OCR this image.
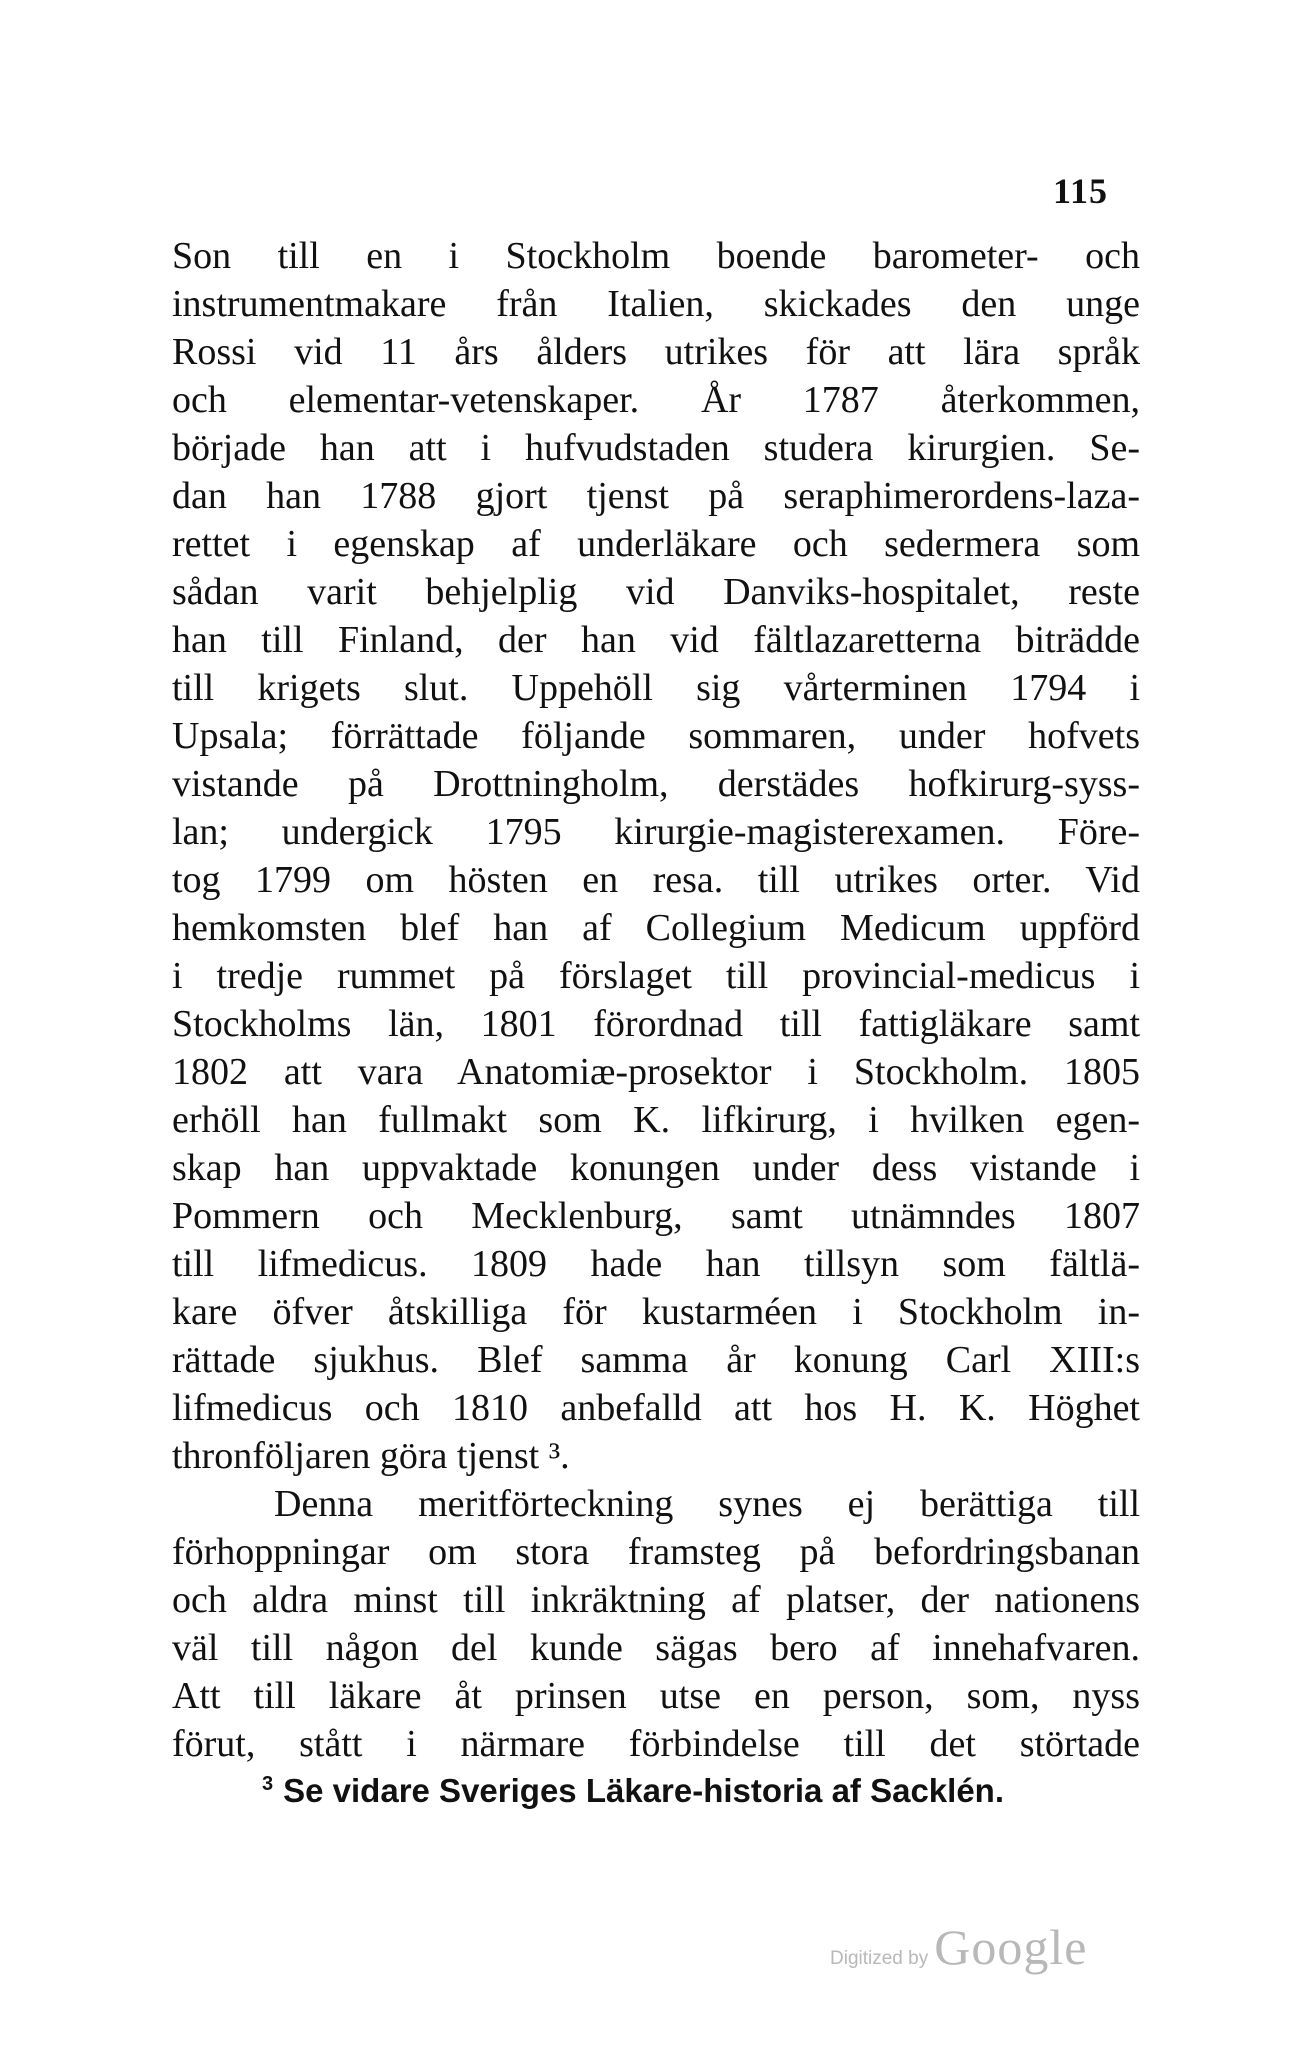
115
Son till en i Stockholm boende barometer- och
instrumentmakare från Italien, skickades den unge
Rossi vid 11 års ålders utrikes för att lära språk
och elementar-vetenskaper. År 1787 återkommen,
började han att i hufvudstaden studera kirurgien. Se-
dan han 1788 gjort tjenst på seraphimerordens-laza-
rettet i egenskap af underläkare och sedermera som
sådan varit behjelplig vid Danviks-hospitalet, reste
han till Finland, der han vid fältlazaretterna biträdde
till krigets slut. Uppehöll sig vårterminen 1794 i
Upsala; förrättade följande sommaren, under hofvets
vistande på Drottningholm, derstädes hofkirurg-syss-
lan; undergick 1795 kirurgie-magisterexamen. Före-
tog 1799 om hösten en resa. till utrikes orter. Vid
hemkomsten blef han af Collegium Medicum uppförd
i tredje rummet på förslaget till provincial-medicus i
Stockholms län, 1801 förordnad till fattigläkare samt
1802 att vara Anatomiæ-prosektor i Stockholm. 1805
erhöll han fullmakt som K. lifkirurg, i hvilken egen-
skap han uppvaktade konungen under dess vistande i
Pommern och Mecklenburg, samt utnämndes 1807
till lifmedicus. 1809 hade han tillsyn som fältlä-
kare öfver åtskilliga för kustarméen i Stockholm in-
rättade sjukhus. Blef samma år konung Carl XIII:s
lifmedicus och 1810 anbefalld att hos H. K. Höghet
thronföljaren göra tjenst ³.
Denna meritförteckning synes ej berättiga till
förhoppningar om stora framsteg på befordringsbanan
och aldra minst till inkräktning af platser, der nationens
väl till någon del kunde sägas bero af innehafvaren.
Att till läkare åt prinsen utse en person, som, nyss
förut, stått i närmare förbindelse till det störtade
$^3$ Se vidare Sveriges Läkare-historia af Sacklén.
Digitized by Google
